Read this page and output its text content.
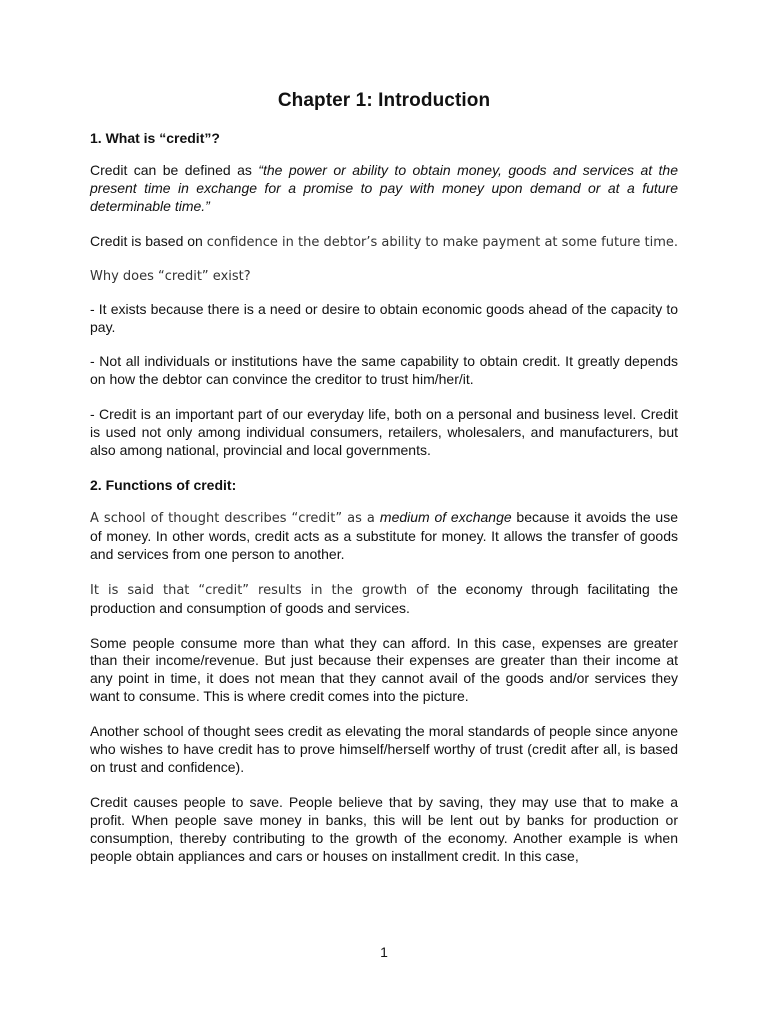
Chapter 1: Introduction
1. What is “credit”?

Credit can be defined as “the power or ability to obtain money, goods and services at the present time in exchange for a promise to pay with money upon demand or at a future determinable time.”

Credit is based on confidence in the debtor’s ability to make payment at some future time.

Why does “credit” exist?

- It exists because there is a need or desire to obtain economic goods ahead of the capacity to pay.

- Not all individuals or institutions have the same capability to obtain credit. It greatly depends on how the debtor can convince the creditor to trust him/her/it.

- Credit is an important part of our everyday life, both on a personal and business level. Credit is used not only among individual consumers, retailers, wholesalers, and manufacturers, but also among national, provincial and local governments.

2. Functions of credit:

A school of thought describes “credit” as a medium of exchange because it avoids the use of money. In other words, credit acts as a substitute for money. It allows the transfer of goods and services from one person to another.

It is said that “credit” results in the growth of the economy through facilitating the production and consumption of goods and services.

Some people consume more than what they can afford. In this case, expenses are greater than their income/revenue. But just because their expenses are greater than their income at any point in time, it does not mean that they cannot avail of the goods and/or services they want to consume. This is where credit comes into the picture.

Another school of thought sees credit as elevating the moral standards of people since anyone who wishes to have credit has to prove himself/herself worthy of trust (credit after all, is based on trust and confidence).

Credit causes people to save. People believe that by saving, they may use that to make a profit. When people save money in banks, this will be lent out by banks for production or consumption, thereby contributing to the growth of the economy. Another example is when people obtain appliances and cars or houses on installment credit. In this case,

1
